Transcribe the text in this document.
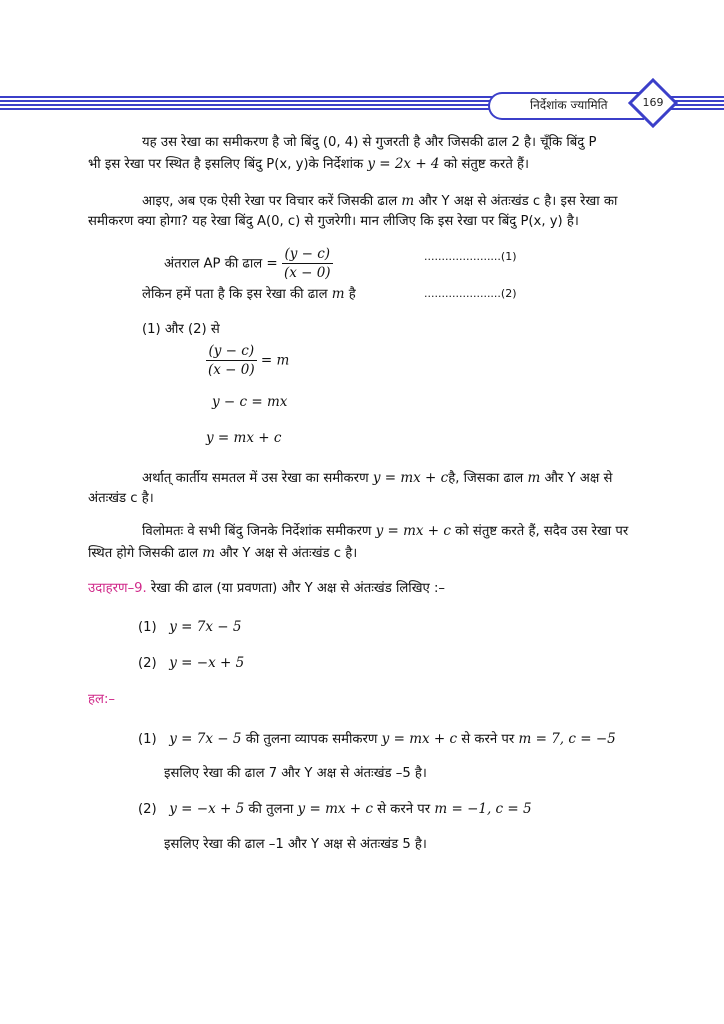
निर्देशांक ज्यामिति	169
यह उस रेखा का समीकरण है जो बिंदु (0, 4) से गुजरती है और जिसकी ढाल 2 है। चूँकि बिंदु P
भी इस रेखा पर स्थित है इसलिए बिंदु P(x, y)के निर्देशांक y = 2x + 4 को संतुष्ट करते हैं।
आइए, अब एक ऐसी रेखा पर विचार करें जिसकी ढाल m और Y अक्ष से अंतःखंड c है। इस रेखा का
समीकरण क्या होगा? यह रेखा बिंदु A(0, c) से गुजरेगी। मान लीजिए कि इस रेखा पर बिंदु P(x, y) है।
अंतराल AP की ढाल = $\frac{(y - c)}{(x - 0)}$	......................(1)
लेकिन हमें पता है कि इस रेखा की ढाल m है	......................(2)
(1) और (2) से
$\frac{(y - c)}{(x - 0)} = m$
y − c = mx
y = mx + c
अर्थात् कार्तीय समतल में उस रेखा का समीकरण y = mx + cहै, जिसका ढाल m और Y अक्ष से
अंतःखंड c है।
विलोमतः वे सभी बिंदु जिनके निर्देशांक समीकरण y = mx + c को संतुष्ट करते हैं, सदैव उस रेखा पर
स्थित होगे जिसकी ढाल m और Y अक्ष से अंतःखंड c है।
उदाहरण–9. रेखा की ढाल (या प्रवणता) और Y अक्ष से अंतःखंड लिखिए :–
(1) y = 7x − 5
(2) y = −x + 5
हल:–
(1) y = 7x − 5 की तुलना व्यापक समीकरण y = mx + c से करने पर m = 7, c = −5
इसलिए रेखा की ढाल 7 और Y अक्ष से अंतःखंड –5 है।
(2) y = −x + 5 की तुलना y = mx + c से करने पर m = −1, c = 5
इसलिए रेखा की ढाल –1 और Y अक्ष से अंतःखंड 5 है।
